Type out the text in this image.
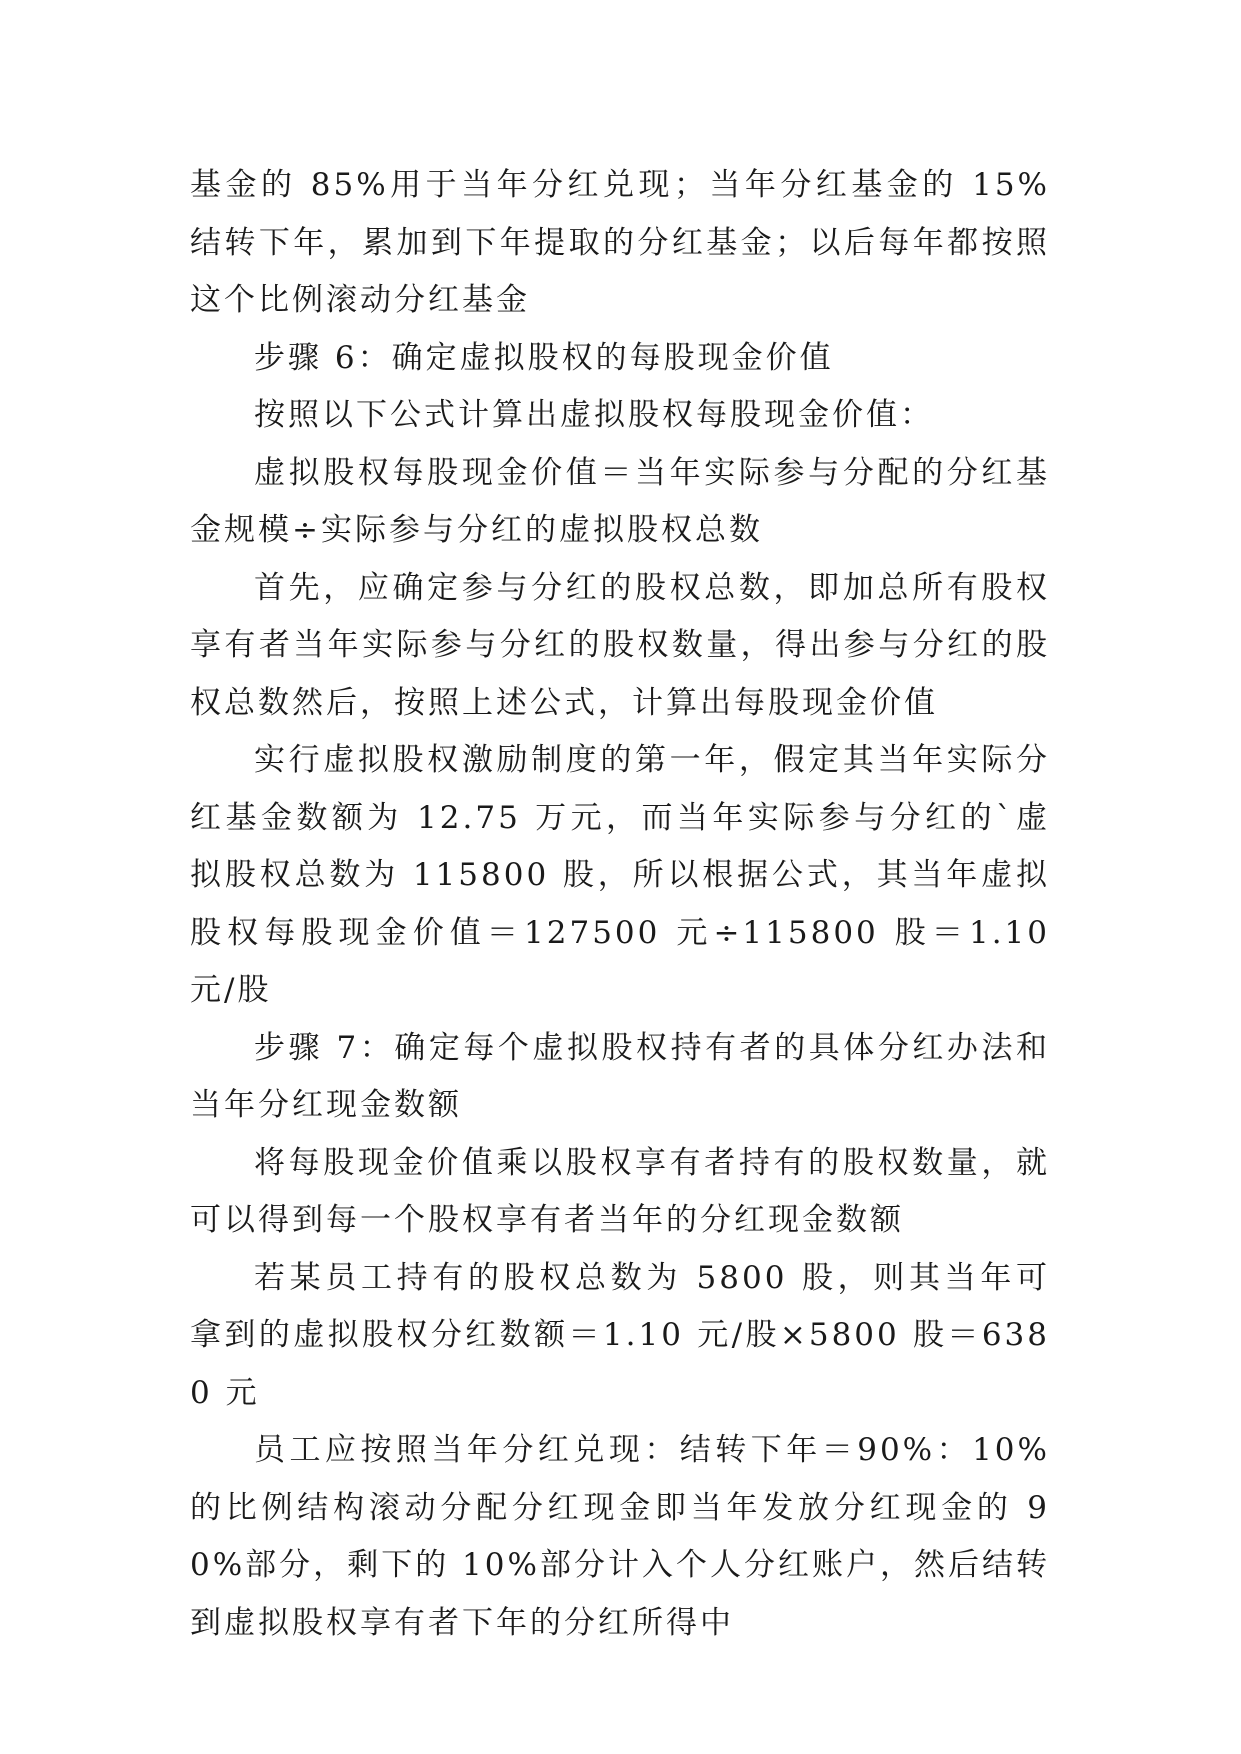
基金的 85%用于当年分红兑现；当年分红基金的 15%结转下年，累加到下年提取的分红基金；以后每年都按照这个比例滚动分红基金

步骤 6：确定虚拟股权的每股现金价值

按照以下公式计算出虚拟股权每股现金价值：

虚拟股权每股现金价值＝当年实际参与分配的分红基金规模÷实际参与分红的虚拟股权总数

首先，应确定参与分红的股权总数，即加总所有股权享有者当年实际参与分红的股权数量，得出参与分红的股权总数然后，按照上述公式，计算出每股现金价值

实行虚拟股权激励制度的第一年，假定其当年实际分红基金数额为 12.75 万元，而当年实际参与分红的`虚拟股权总数为 115800 股，所以根据公式，其当年虚拟股权每股现金价值＝127500 元÷115800 股＝1.10 元/股

步骤 7：确定每个虚拟股权持有者的具体分红办法和当年分红现金数额

将每股现金价值乘以股权享有者持有的股权数量，就可以得到每一个股权享有者当年的分红现金数额

若某员工持有的股权总数为 5800 股，则其当年可拿到的虚拟股权分红数额＝1.10 元/股×5800 股＝6380 元

员工应按照当年分红兑现：结转下年＝90%：10%的比例结构滚动分配分红现金即当年发放分红现金的 90%部分，剩下的 10%部分计入个人分红账户，然后结转到虚拟股权享有者下年的分红所得中
